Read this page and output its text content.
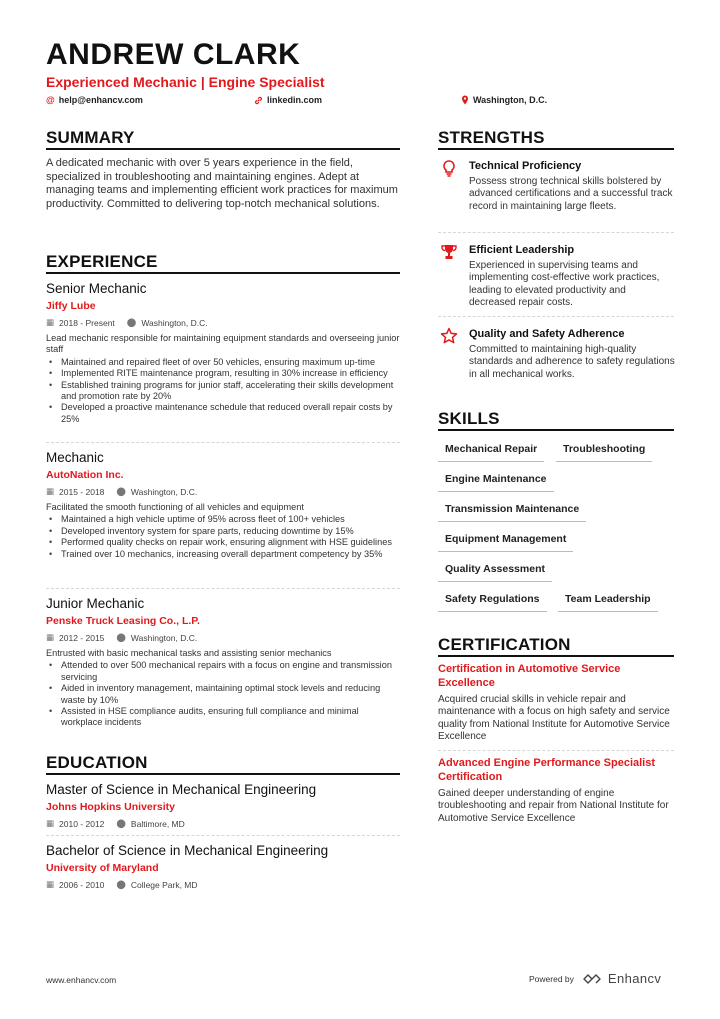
ANDREW CLARK
Experienced Mechanic | Engine Specialist
@ help@enhancv.com	linkedin.com	Washington, D.C.
SUMMARY
A dedicated mechanic with over 5 years experience in the field, specialized in troubleshooting and maintaining engines. Adept at managing teams and implementing efficient work practices for maximum productivity. Committed to delivering top-notch mechanical solutions.
EXPERIENCE
Senior Mechanic
Jiffy Lube
▦ 2018 - Present ⬤ Washington, D.C.
Lead mechanic responsible for maintaining equipment standards and overseeing junior staff
• Maintained and repaired fleet of over 50 vehicles, ensuring maximum up-time
• Implemented RITE maintenance program, resulting in 30% increase in efficiency
• Established training programs for junior staff, accelerating their skills development and promotion rate by 20%
• Developed a proactive maintenance schedule that reduced overall repair costs by 25%
Mechanic
AutoNation Inc.
▦ 2015 - 2018 ⬤ Washington, D.C.
Facilitated the smooth functioning of all vehicles and equipment
• Maintained a high vehicle uptime of 95% across fleet of 100+ vehicles
• Developed inventory system for spare parts, reducing downtime by 15%
• Performed quality checks on repair work, ensuring alignment with HSE guidelines
• Trained over 10 mechanics, increasing overall department competency by 35%
Junior Mechanic
Penske Truck Leasing Co., L.P.
▦ 2012 - 2015 ⬤ Washington, D.C.
Entrusted with basic mechanical tasks and assisting senior mechanics
• Attended to over 500 mechanical repairs with a focus on engine and transmission servicing
• Aided in inventory management, maintaining optimal stock levels and reducing waste by 10%
• Assisted in HSE compliance audits, ensuring full compliance and minimal workplace incidents
EDUCATION
Master of Science in Mechanical Engineering
Johns Hopkins University
▦ 2010 - 2012 ⬤ Baltimore, MD
Bachelor of Science in Mechanical Engineering
University of Maryland
▦ 2006 - 2010 ⬤ College Park, MD
STRENGTHS
Technical Proficiency
Possess strong technical skills bolstered by advanced certifications and a successful track record in maintaining large fleets.
Efficient Leadership
Experienced in supervising teams and implementing cost-effective work practices, leading to elevated productivity and decreased repair costs.
Quality and Safety Adherence
Committed to maintaining high-quality standards and adherence to safety regulations in all mechanical works.
SKILLS
Mechanical Repair	Troubleshooting
Engine Maintenance
Transmission Maintenance
Equipment Management
Quality Assessment
Safety Regulations	Team Leadership
CERTIFICATION
Certification in Automotive Service Excellence
Acquired crucial skills in vehicle repair and maintenance with a focus on high safety and service quality from National Institute for Automotive Service Excellence
Advanced Engine Performance Specialist Certification
Gained deeper understanding of engine troubleshooting and repair from National Institute for Automotive Service Excellence
www.enhancv.com	Powered by	Enhancv
